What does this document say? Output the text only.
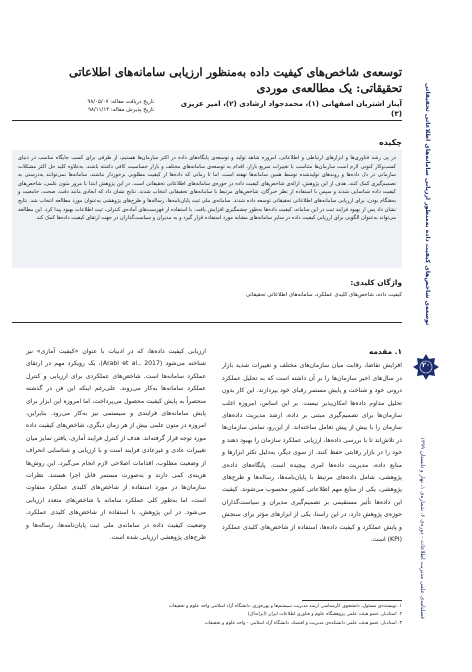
توسعه‌ی شاخص‌های کیفیت داده به‌منظور ارزیابی سامانه‌های اطلاعاتی تحقیقاتی: یک مطالعه‌ی موردی
آیناز اشتریان اصفهانی (۱)، محمدجواد ارشادی (۲)، امیر عزیزی (۳)
تاریخ دریافت مقاله: ۹۸/۰۵/۰۷
تاریخ پذیرش مقاله: ۹۸/۱۱/۱۴
چکیده
در پی رشد فناوری‌ها و ابزارهای ارتباطی و اطلاعاتی، امروزه شاهد تولید و توسعه‌ی پایگاه‌های داده در اکثر سازمان‌ها هستیم، از طرفی برای کسب جایگاه مناسب در دنیای کسب‌وکار کنونی لازم است سازمان‌ها متناسب با تغییرات سریع بازار، اقدام به توسعه‌ی سامانه‌های مختلف و بازار حساسیت کافی داشته باشند. به‌علاوه کلید حل اکثر مشکلات سازمانی در دل داده‌ها و روندهای تولیدشده توسط همین سامانه‌ها نهفته است، اما تا زمانی که داده‌ها از کیفیت مطلوبی برخوردار نباشند، سامانه‌ها نمی‌توانند به‌درستی به تصمیم‌گیری کمک کنند. هدف از این پژوهش، ارائه‌ی شاخص‌های کیفیت داده در حوزه‌ی سامانه‌های اطلاعاتی تحقیقاتی است. در این پژوهش ابتدا با مرور متون علمی، شاخص‌های کیفیت داده شناسایی شدند و سپس با استفاده از نظر خبرگان، شاخص‌های مرتبط با سامانه‌های تحقیقاتی انتخاب شدند. نتایج نشان داد که ابعادی مانند دقت، صحت، جامعیت و به‌هنگام بودن، برای ارزیابی سامانه‌های اطلاعاتی تحقیقاتی توسعه داده شدند. سامانه‌ی ملی ثبت پایان‌نامه‌ها، رساله‌ها و طرح‌های پژوهشی به‌عنوان مورد مطالعه انتخاب شد. نتایج نشان داد پس از بهبود فرایند ثبت در این سامانه، کیفیت داده‌ها به‌طور چشمگیری افزایش یافت. با استفاده از فهرست‌های آماده‌ی کنترلی، ثبت اطلاعات بهبود پیدا کرد. این مطالعه می‌تواند به‌عنوان الگویی برای ارزیابی کیفیت داده در سایر سامانه‌های مشابه مورد استفاده قرار گیرد و به مدیران و سیاست‌گذاران در جهت ارتقای کیفیت داده‌ها کمک کند.
واژگان کلیدی:
کیفیت داده، شاخص‌های کلیدی عملکرد، سامانه‌های اطلاعاتی تحقیقاتی
۱. مقدمه
افزایش تقاضا، رقابت میان سازمان‌های مختلف و تغییرات شدید بازار در سال‌های اخیر سازمان‌ها را بر آن داشته است که به تحلیل عملکرد درونی خود و شناخت و پایش مستمر رقبای خود بپردازند. این کار بدون تحلیل مداوم داده‌ها امکان‌پذیر نیست. بر این اساس، امروزه اغلب سازمان‌ها برای تصمیم‌گیری مبتنی بر داده، ارشد مدیریت داده‌های سازمان را با بیش از پیش تعامل ساخته‌اند. از این‌رو، تمامی سازمان‌ها در تلاش‌اند تا با بررسی داده‌ها، ارزیابی عملکرد سازمان را بهبود دهند و خود را در بازار رقابتی حفظ کنند. از سوی دیگر، به‌دلیل تکثر ابزارها و منابع داده، مدیریت داده‌ها امری پیچیده است. پایگاه‌های داده‌ی پژوهشی، شامل داده‌های مرتبط با پایان‌نامه‌ها، رساله‌ها و طرح‌های پژوهشی، یکی از منابع مهم اطلاعاتی کشور محسوب می‌شوند. کیفیت این داده‌ها تأثیر مستقیمی بر تصمیم‌گیری مدیران و سیاست‌گذاران حوزه‌ی پژوهش دارد. در این راستا، یکی از ابزارهای مؤثر برای سنجش و پایش عملکرد و کیفیت داده‌ها، استفاده از شاخص‌های کلیدی عملکرد (KPI) است.
ارزیابی کیفیت داده‌ها، که در ادبیات با عنوان «کیفیت آماری» نیز شناخته می‌شود (Arabi et al., 2017)، یک رویکرد مهم در ارتقای عملکرد سامانه‌ها است. شاخص‌های عملکردی برای ارزیابی و کنترل عملکرد سامانه‌ها به‌کار می‌روند. علی‌رغم اینکه این فن در گذشته منحصراً به پایش کیفیت محصول می‌پرداخت، اما امروزه این ابزار برای پایش سامانه‌های فرایندی و سیستمی نیز به‌کار می‌رود. بنابراین، امروزه در متون علمی بیش از هر زمان دیگری، شاخص‌های کیفیت داده مورد توجه قرار گرفته‌اند. هدف از کنترل فرایند آماری، یافتن تمایز میان تغییرات عادی و غیرعادی فرایند است و با ارزیابی و شناسایی انحراف از وضعیت مطلوب، اقدامات اصلاحی لازم انجام می‌گیرد. این روش‌ها هزینه‌ی کمی دارند و به‌صورت مستمر قابل اجرا هستند. نظرات سازمان‌ها در مورد استفاده از شاخص‌های کلیدی عملکرد متفاوت است، اما به‌طور کلی عملکرد سامانه با شاخص‌های متعدد ارزیابی می‌شود. در این پژوهش، با استفاده از شاخص‌های کلیدی عملکرد، وضعیت کیفیت داده در سامانه‌ی ملی ثبت پایان‌نامه‌ها، رساله‌ها و طرح‌های پژوهشی ارزیابی شده است.
۱. نویسنده‌ی مسئول، دانشجوی کارشناسی ارشد مدیریت سیستم‌ها و بهره‌وری، دانشگاه آزاد اسلامی واحد علوم و تحقیقات
۲. استادیار، عضو هیئت علمی پژوهشگاه علوم و فناوری اطلاعات ایران (ایرانداک)
۳. استادیار، عضو هیئت علمی دانشکده‌ی مدیریت و اقتصاد، دانشگاه آزاد اسلامی - واحد علوم و تحقیقات
توسعه‌ی شاخص‌های کیفیت داده به‌منظور ارزیابی سامانه‌های اطلاعاتی تحقیقاتی
۲۰
فصلنامه‌ی علمی مدیریت اطلاعات - دوره‌ی ۶، شماره‌ی ۱، بهار و تابستان ۱۳۹۹
